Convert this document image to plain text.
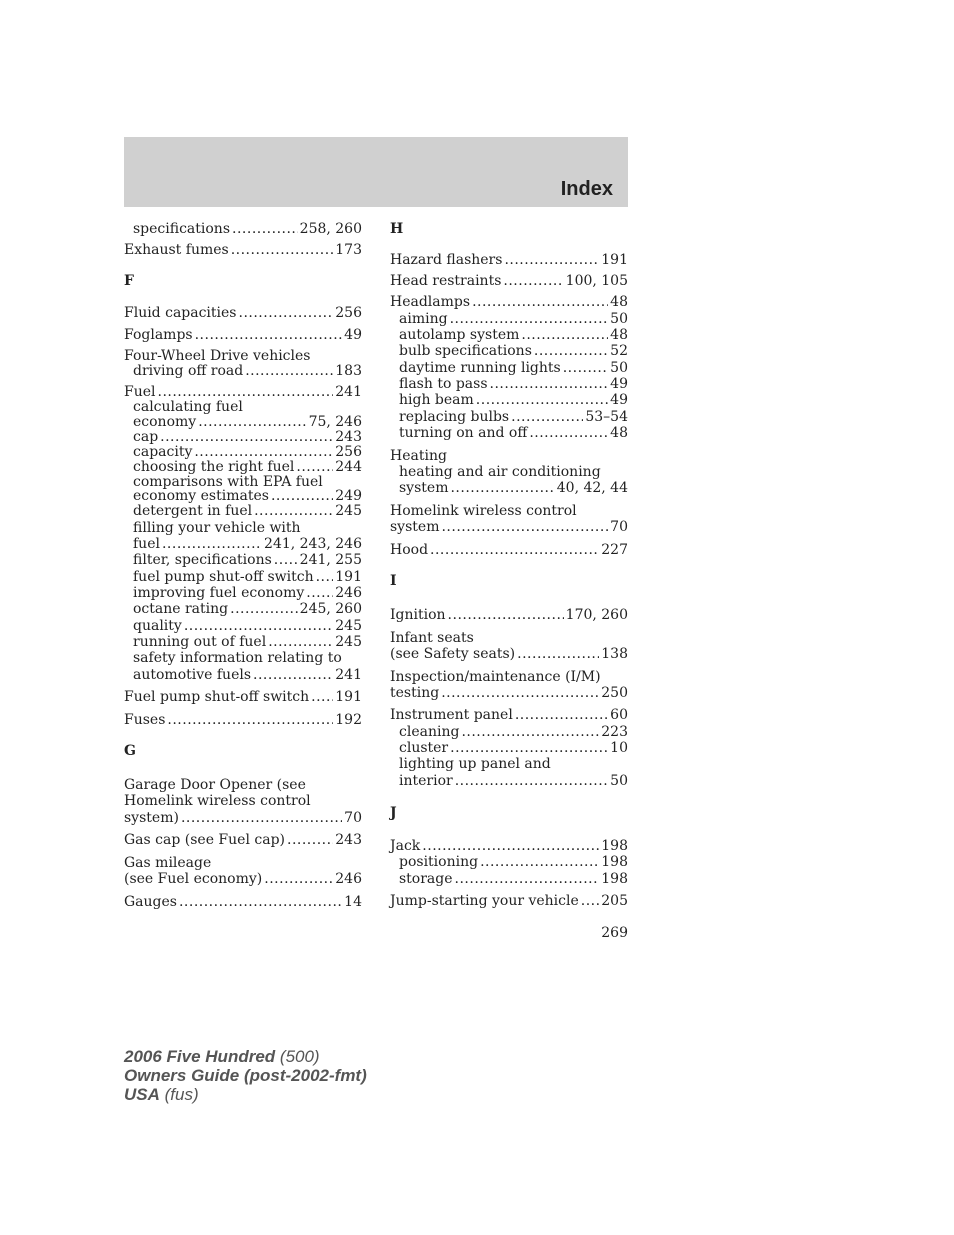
Index
specifications .....	258, 260
Exhaust fumes .....	173
F
Fluid capacities .....	256
Foglamps .....	49
Four-Wheel Drive vehicles
driving off road .....	183
Fuel .....	241
calculating fuel
economy .....	75, 246
cap .....	243
capacity .....	256
choosing the right fuel .....	244
comparisons with EPA fuel
economy estimates .....	249
detergent in fuel .....	245
filling your vehicle with
fuel .....	241, 243, 246
filter, specifications ..... 241, 255
fuel pump shut-off switch ..... 191
improving fuel economy ..... 246
octane rating .....	245, 260
quality .....	245
running out of fuel .....	245
safety information relating to
automotive fuels .....	241
Fuel pump shut-off switch ..... 191
Fuses .....	192
G
Garage Door Opener (see
Homelink wireless control
system) .....	70
Gas cap (see Fuel cap) .....	243
Gas mileage
(see Fuel economy) .....	246
Gauges .....	14
H
Hazard flashers .....	191
Head restraints .....	100, 105
Headlamps .....	48
aiming .....	50
autolamp system .....	48
bulb specifications .....	52
daytime running lights .....	50
flash to pass .....	49
high beam .....	49
replacing bulbs .....	53–54
turning on and off .....	48
Heating
heating and air conditioning
system .....	40, 42, 44
Homelink wireless control
system .....	70
Hood .....	227
I
Ignition .....	170, 260
Infant seats
(see Safety seats) .....	138
Inspection/maintenance (I/M)
testing .....	250
Instrument panel .....	60
cleaning .....	223
cluster .....	10
lighting up panel and
interior .....	50
J
Jack .....	198
positioning .....	198
storage .....	198
Jump-starting your vehicle ..... 205
269
2006 Five Hundred (500)
Owners Guide (post-2002-fmt)
USA (fus)
